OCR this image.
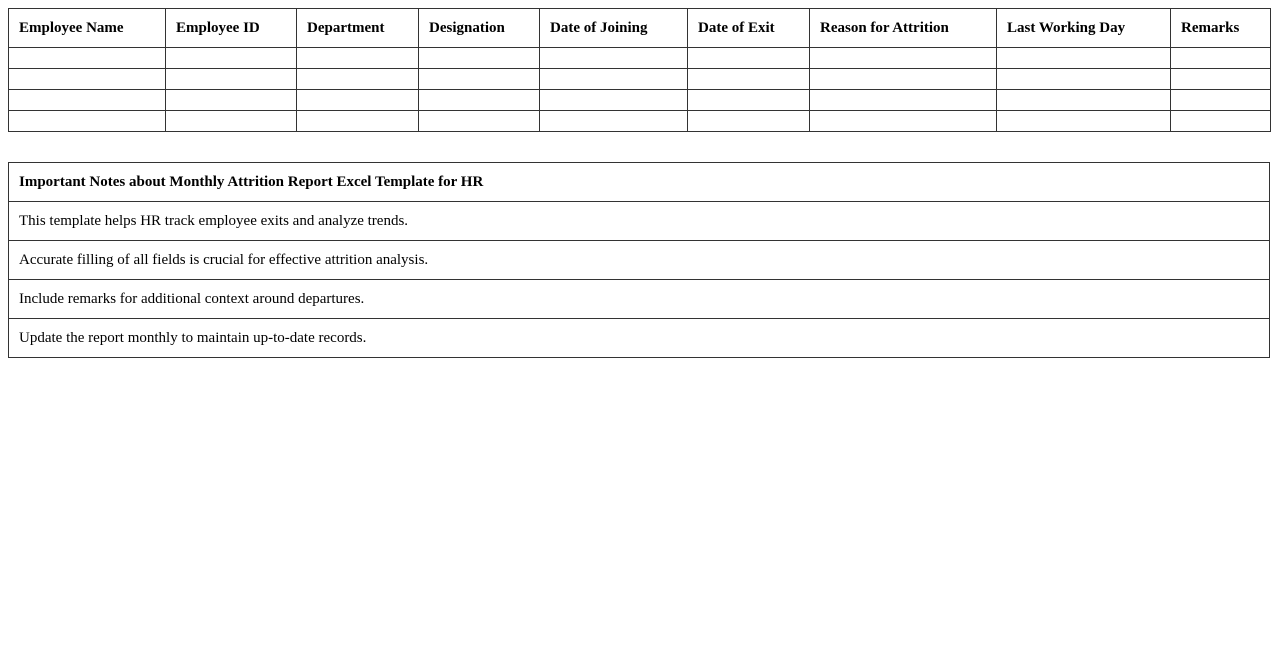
Employee Name	Employee ID	Department	Designation	Date of Joining	Date of Exit	Reason for Attrition	Last Working Day	Remarks

Important Notes about Monthly Attrition Report Excel Template for HR
This template helps HR track employee exits and analyze trends.
Accurate filling of all fields is crucial for effective attrition analysis.
Include remarks for additional context around departures.
Update the report monthly to maintain up-to-date records.
